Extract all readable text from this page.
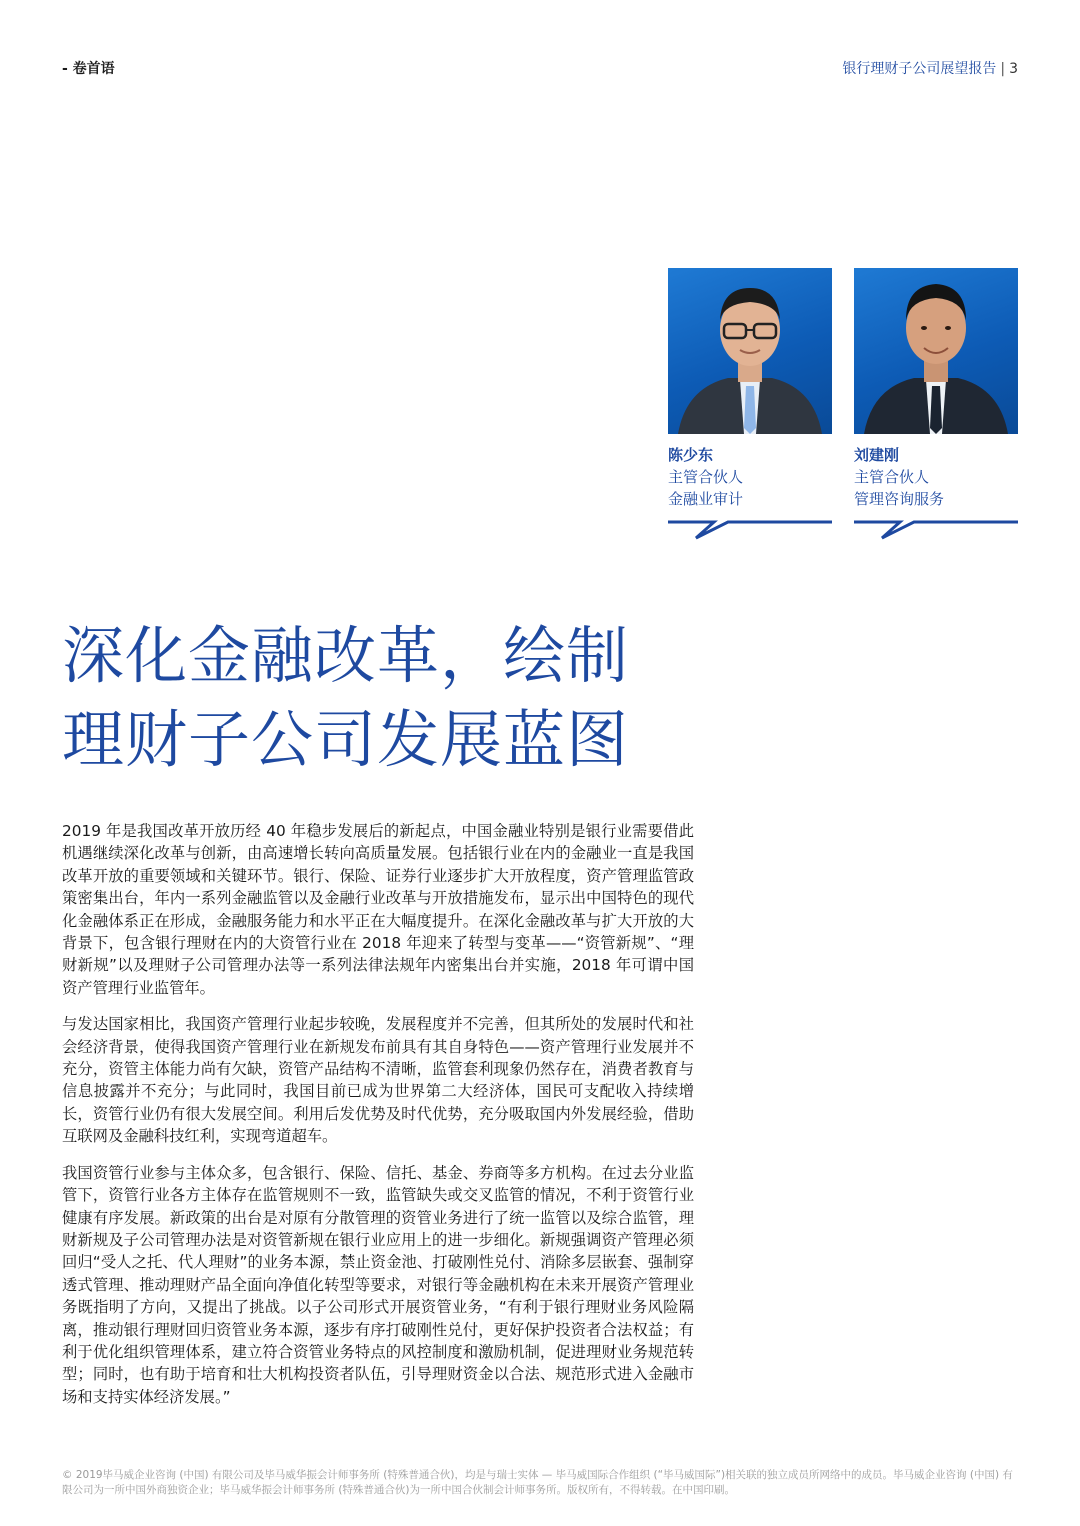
- 卷首语	银行理财子公司展望报告 | 3
陈少东
主管合伙人
金融业审计
刘建刚
主管合伙人
管理咨询服务
深化金融改革，绘制
理财子公司发展蓝图

2019 年是我国改革开放历经 40 年稳步发展后的新起点，中国金融业特别是银行业需要借此机遇继续深化改革与创新，由高速增长转向高质量发展。包括银行业在内的金融业一直是我国改革开放的重要领域和关键环节。银行、保险、证券行业逐步扩大开放程度，资产管理监管政策密集出台，年内一系列金融监管以及金融行业改革与开放措施发布，显示出中国特色的现代化金融体系正在形成，金融服务能力和水平正在大幅度提升。在深化金融改革与扩大开放的大背景下，包含银行理财在内的大资管行业在 2018 年迎来了转型与变革——“资管新规”、“理财新规”以及理财子公司管理办法等一系列法律法规年内密集出台并实施，2018 年可谓中国资产管理行业监管年。

与发达国家相比，我国资产管理行业起步较晚，发展程度并不完善，但其所处的发展时代和社会经济背景，使得我国资产管理行业在新规发布前具有其自身特色——资产管理行业发展并不充分，资管主体能力尚有欠缺，资管产品结构不清晰，监管套利现象仍然存在，消费者教育与信息披露并不充分；与此同时，我国目前已成为世界第二大经济体，国民可支配收入持续增长，资管行业仍有很大发展空间。利用后发优势及时代优势，充分吸取国内外发展经验，借助互联网及金融科技红利，实现弯道超车。

我国资管行业参与主体众多，包含银行、保险、信托、基金、券商等多方机构。在过去分业监管下，资管行业各方主体存在监管规则不一致，监管缺失或交叉监管的情况，不利于资管行业健康有序发展。新政策的出台是对原有分散管理的资管业务进行了统一监管以及综合监管，理财新规及子公司管理办法是对资管新规在银行业应用上的进一步细化。新规强调资产管理必须回归“受人之托、代人理财”的业务本源，禁止资金池、打破刚性兑付、消除多层嵌套、强制穿透式管理、推动理财产品全面向净值化转型等要求，对银行等金融机构在未来开展资产管理业务既指明了方向，又提出了挑战。以子公司形式开展资管业务，“有利于银行理财业务风险隔离，推动银行理财回归资管业务本源，逐步有序打破刚性兑付，更好保护投资者合法权益；有利于优化组织管理体系，建立符合资管业务特点的风控制度和激励机制，促进理财业务规范转型；同时，也有助于培育和壮大机构投资者队伍，引导理财资金以合法、规范形式进入金融市场和支持实体经济发展。”

© 2019毕马威企业咨询 (中国) 有限公司及毕马威华振会计师事务所 (特殊普通合伙)，均是与瑞士实体 — 毕马威国际合作组织 (“毕马威国际”)相关联的独立成员所网络中的成员。毕马威企业咨询 (中国) 有限公司为一所中国外商独资企业；毕马威华振会计师事务所 (特殊普通合伙)为一所中国合伙制会计师事务所。版权所有，不得转载。在中国印刷。
